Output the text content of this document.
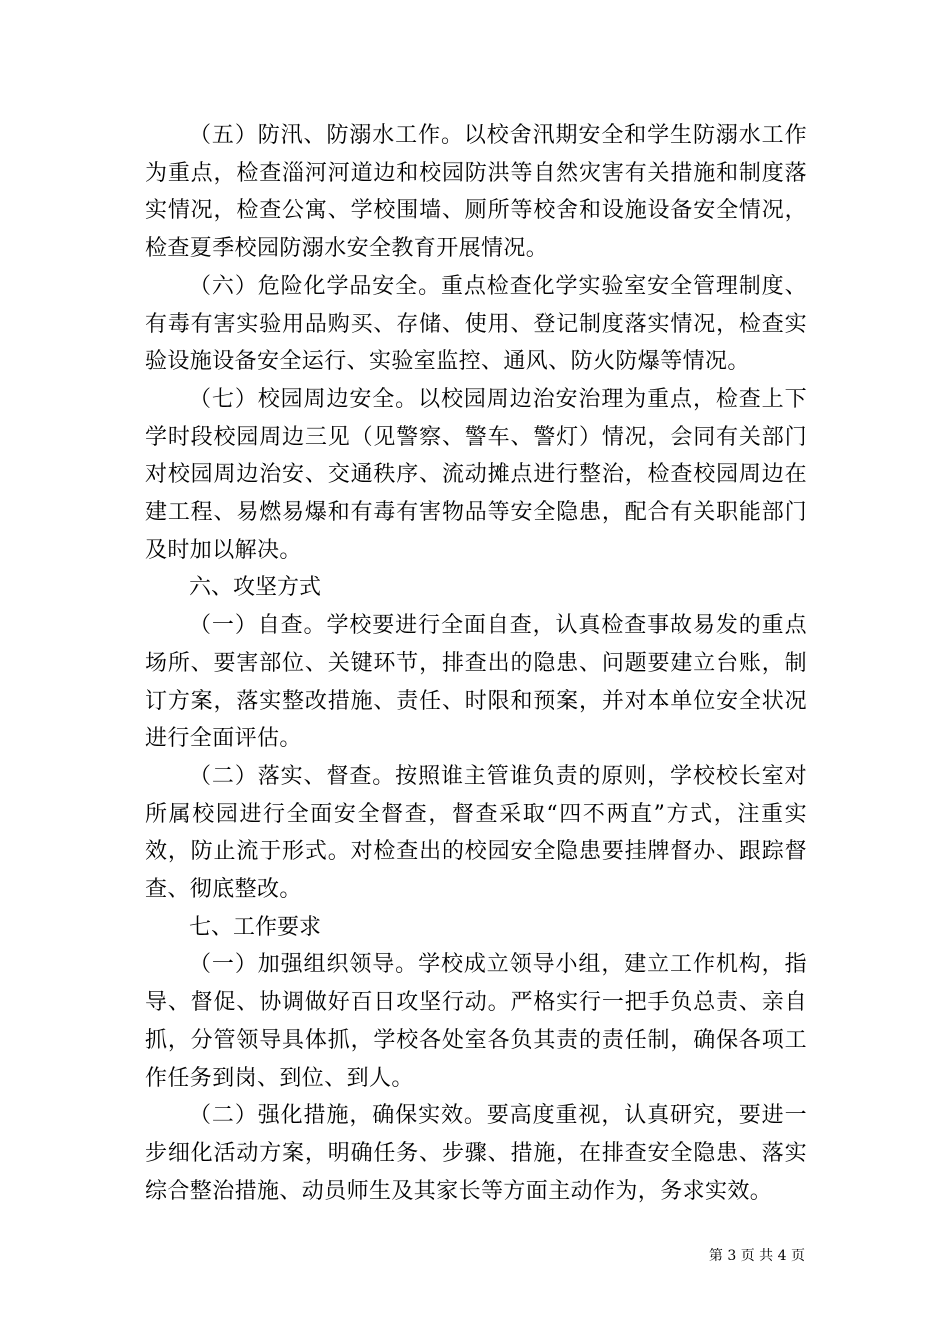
（五）防汛、防溺水工作。以校舍汛期安全和学生防溺水工作为重点，检查淄河河道边和校园防洪等自然灾害有关措施和制度落实情况，检查公寓、学校围墙、厕所等校舍和设施设备安全情况，检查夏季校园防溺水安全教育开展情况。

（六）危险化学品安全。重点检查化学实验室安全管理制度、有毒有害实验用品购买、存储、使用、登记制度落实情况，检查实验设施设备安全运行、实验室监控、通风、防火防爆等情况。

（七）校园周边安全。以校园周边治安治理为重点，检查上下学时段校园周边三见（见警察、警车、警灯）情况，会同有关部门对校园周边治安、交通秩序、流动摊点进行整治，检查校园周边在建工程、易燃易爆和有毒有害物品等安全隐患，配合有关职能部门及时加以解决。

六、攻坚方式

（一）自查。学校要进行全面自查，认真检查事故易发的重点场所、要害部位、关键环节，排查出的隐患、问题要建立台账，制订方案，落实整改措施、责任、时限和预案，并对本单位安全状况进行全面评估。

（二）落实、督查。按照谁主管谁负责的原则，学校校长室对所属校园进行全面安全督查，督查采取“四不两直”方式，注重实效，防止流于形式。对检查出的校园安全隐患要挂牌督办、跟踪督查、彻底整改。

七、工作要求

（一）加强组织领导。学校成立领导小组，建立工作机构，指导、督促、协调做好百日攻坚行动。严格实行一把手负总责、亲自抓，分管领导具体抓，学校各处室各负其责的责任制，确保各项工作任务到岗、到位、到人。

（二）强化措施，确保实效。要高度重视，认真研究，要进一步细化活动方案，明确任务、步骤、措施，在排查安全隐患、落实综合整治措施、动员师生及其家长等方面主动作为，务求实效。

第 3 页 共 4 页
